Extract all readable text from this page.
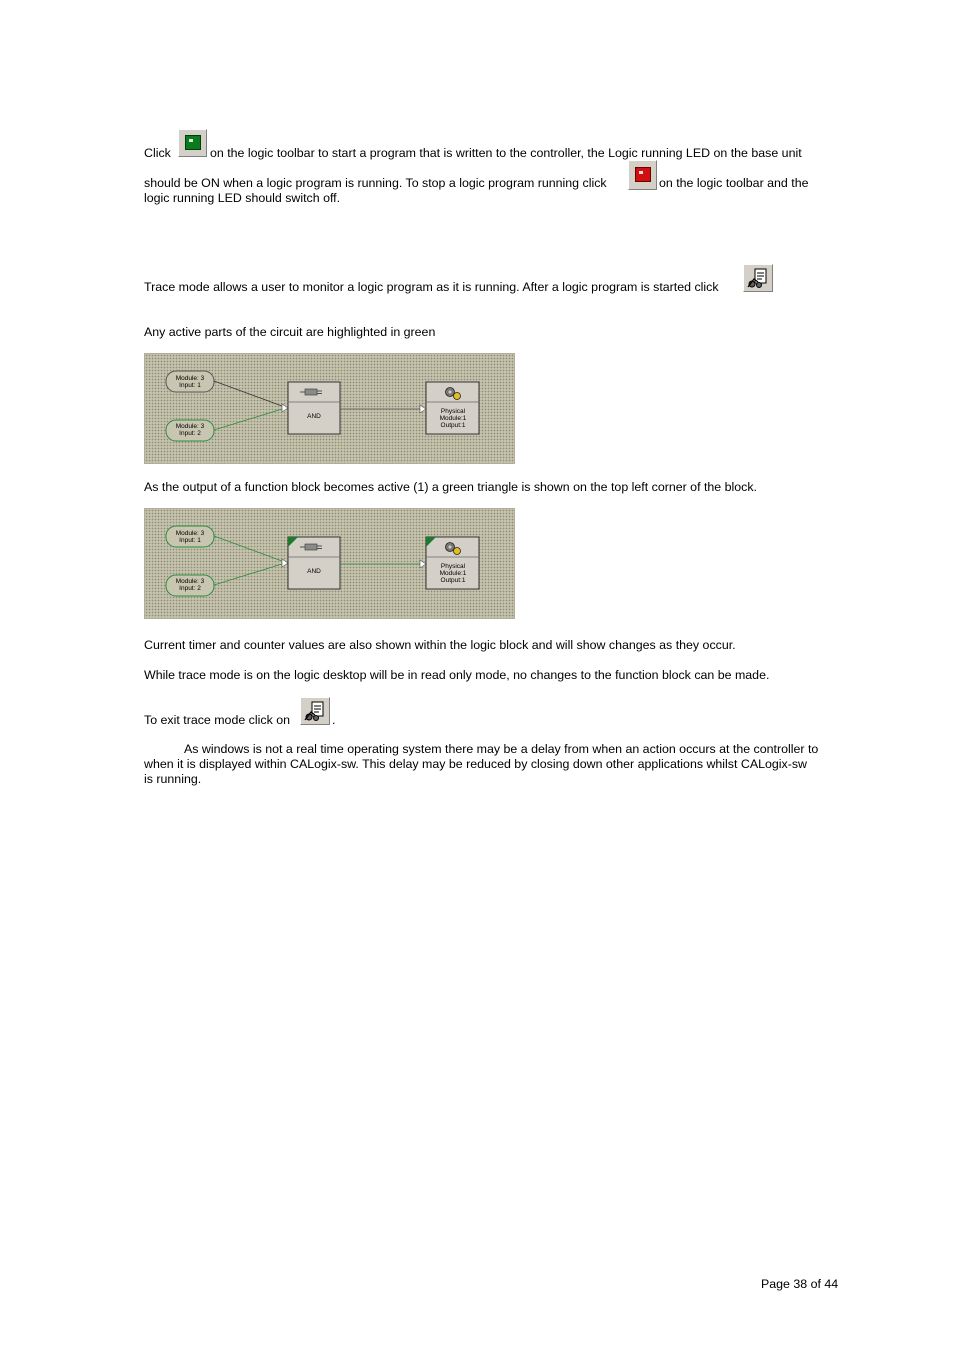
Click	on the logic toolbar to start a program that is written to the controller, the Logic running LED on the base unit
should be ON when a logic program is running. To stop a logic program running click	on the logic toolbar and the
logic running LED should switch off.
Trace mode allows a user to monitor a logic program as it is running. After a logic program is started click
Any active parts of the circuit are highlighted in green
Module: 3
Input: 1
Module: 3
Input: 2
AND
Physical
Module:1
Output:1
As the output of a function block becomes active (1) a green triangle is shown on the top left corner of the block.
Module: 3
Input: 1
Module: 3
Input: 2
AND
Physical
Module:1
Output:1
Current timer and counter values are also shown within the logic block and will show changes as they occur.
While trace mode is on the logic desktop will be in read only mode, no changes to the function block can be made.
To exit trace mode click on	.
As windows is not a real time operating system there may be a delay from when an action occurs at the controller to
when it is displayed within CALogix-sw. This delay may be reduced by closing down other applications whilst CALogix-sw
is running.
Page 38 of 44
